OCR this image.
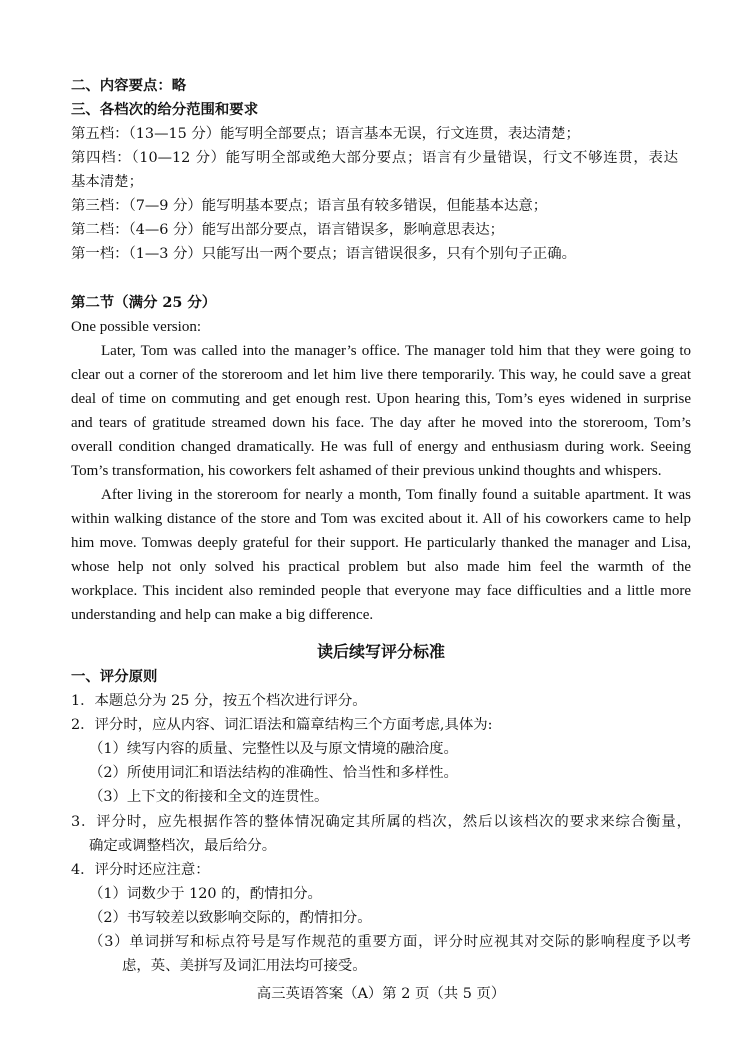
二、内容要点：略
三、各档次的给分范围和要求
第五档：（13—15 分）能写明全部要点；语言基本无误，行文连贯，表达清楚；
第四档：（10—12 分）能写明全部或绝大部分要点；语言有少量错误，行文不够连贯，表达
基本清楚；
第三档：（7—9 分）能写明基本要点；语言虽有较多错误，但能基本达意；
第二档：（4—6 分）能写出部分要点，语言错误多，影响意思表达；
第一档：（1—3 分）只能写出一两个要点；语言错误很多，只有个别句子正确。
第二节（满分 25 分）
One possible version:
Later, Tom was called into the manager’s office. The manager told him that they were going to
clear out a corner of the storeroom and let him live there temporarily. This way, he could save a great
deal of time on commuting and get enough rest. Upon hearing this, Tom’s eyes widened in surprise
and tears of gratitude streamed down his face. The day after he moved into the storeroom, Tom’s
overall condition changed dramatically. He was full of energy and enthusiasm during work. Seeing
Tom’s transformation, his coworkers felt ashamed of their previous unkind thoughts and whispers.
After living in the storeroom for nearly a month, Tom finally found a suitable apartment. It was
within walking distance of the store and Tom was excited about it. All of his coworkers came to help
him move. Tomwas deeply grateful for their support. He particularly thanked the manager and Lisa,
whose help not only solved his practical problem but also made him feel the warmth of the
workplace. This incident also reminded people that everyone may face difficulties and a little more
understanding and help can make a big difference.
读后续写评分标准
一、评分原则
1．本题总分为 25 分，按五个档次进行评分。
2．评分时，应从内容、词汇语法和篇章结构三个方面考虑,具体为:
（1）续写内容的质量、完整性以及与原文情境的融洽度。
（2）所使用词汇和语法结构的准确性、恰当性和多样性。
（3）上下文的衔接和全文的连贯性。
3．评分时，应先根据作答的整体情况确定其所属的档次，然后以该档次的要求来综合衡量，
确定或调整档次，最后给分。
4．评分时还应注意：
（1）词数少于 120 的，酌情扣分。
（2）书写较差以致影响交际的，酌情扣分。
（3）单词拼写和标点符号是写作规范的重要方面，评分时应视其对交际的影响程度予以考
虑，英、美拼写及词汇用法均可接受。
高三英语答案（A）第 2 页（共 5 页）
